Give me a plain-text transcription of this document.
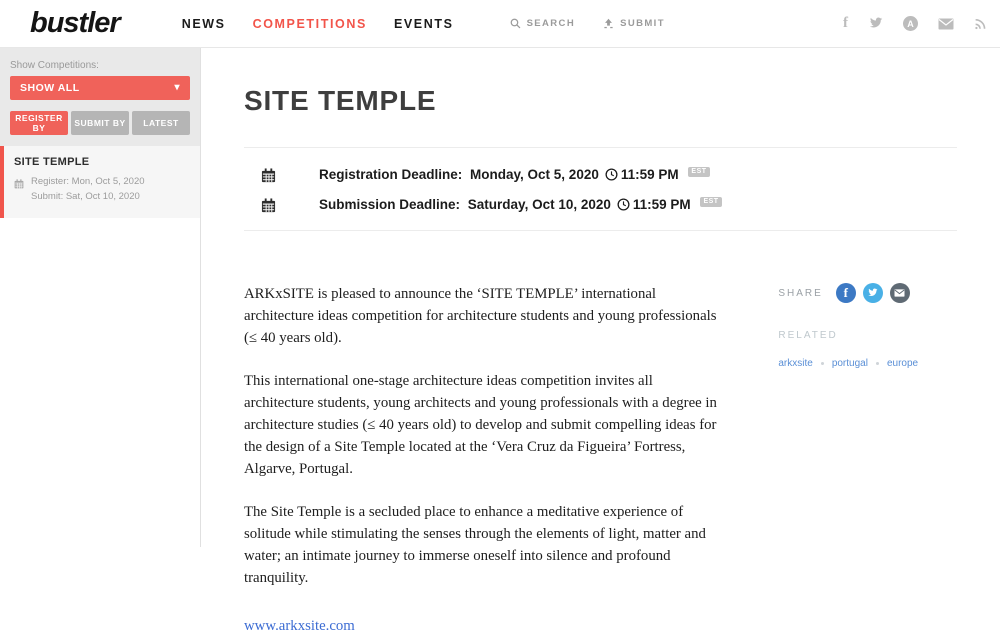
bustler	NEWS COMPETITIONS EVENTS	SEARCH	SUBMIT	f	A
Show Competitions:
SHOW ALL	▾
REGISTER BY	SUBMIT BY	LATEST
SITE TEMPLE
Register: Mon, Oct 5, 2020
Submit: Sat, Oct 10, 2020
SITE TEMPLE
Registration Deadline: Monday, Oct 5, 2020 11:59 PM EST
Submission Deadline: Saturday, Oct 10, 2020 11:59 PM EST

ARKxSITE is pleased to announce the ‘SITE TEMPLE’ international architecture ideas competition for architecture students and young professionals (≤ 40 years old).

This international one-stage architecture ideas competition invites all architecture students, young architects and young professionals with a degree in architecture studies (≤ 40 years old) to develop and submit compelling ideas for the design of a Site Temple located at the ‘Vera Cruz da Figueira’ Fortress, Algarve, Portugal.

The Site Temple is a secluded place to enhance a meditative experience of solitude while stimulating the senses through the elements of light, matter and water; an intimate journey to immerse oneself into silence and profound tranquility.

www.arkxsite.com
SHARE	f
RELATED
arkxsite portugal europe
